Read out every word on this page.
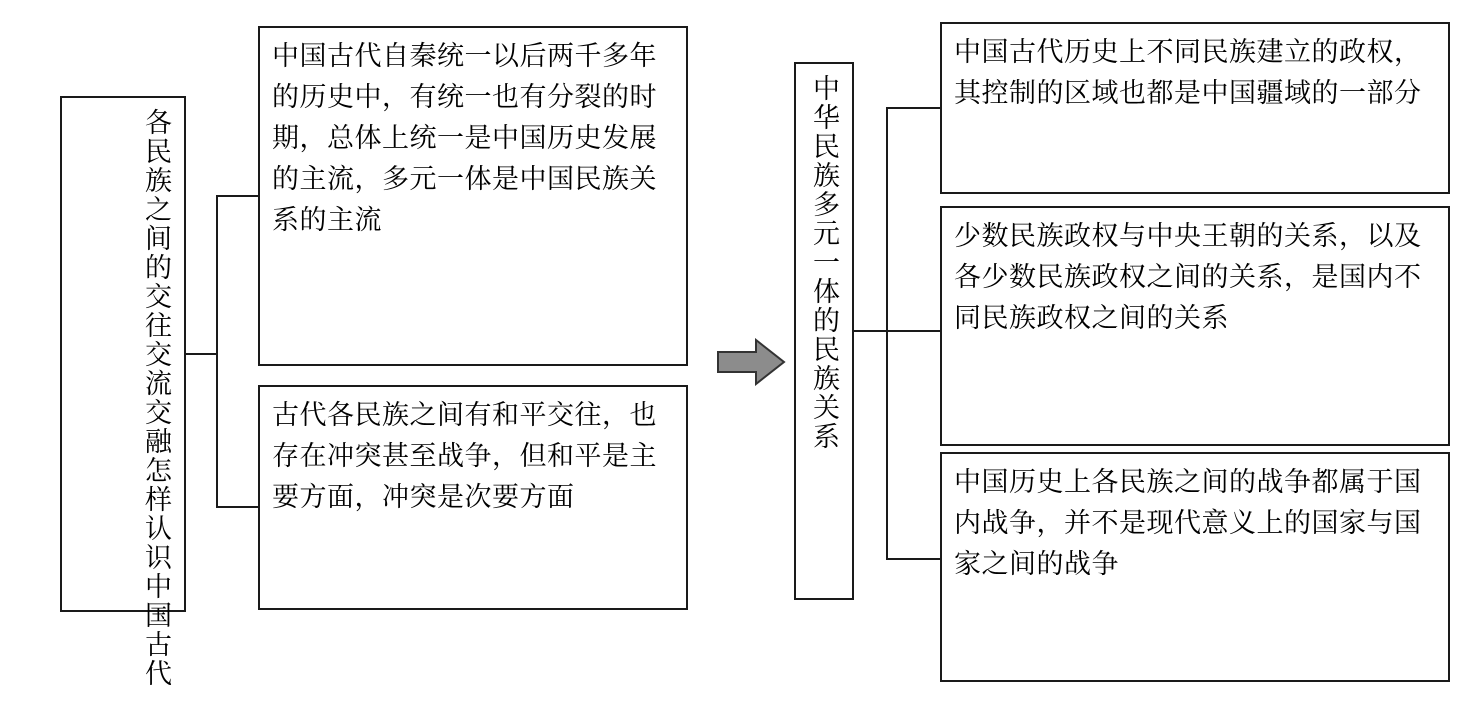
各民族之间的交往交流交融
怎样认识中国古代
中国古代自秦统一以后两千多年的历史中，有统一也有分裂的时期，总体上统一是中国历史发展的主流，多元一体是中国民族关系的主流
古代各民族之间有和平交往，也存在冲突甚至战争，但和平是主要方面，冲突是次要方面
中华民族多元一体的民族关系
中国古代历史上不同民族建立的政权，其控制的区域也都是中国疆域的一部分
少数民族政权与中央王朝的关系，以及各少数民族政权之间的关系，是国内不同民族政权之间的关系
中国历史上各民族之间的战争都属于国内战争，并不是现代意义上的国家与国家之间的战争
